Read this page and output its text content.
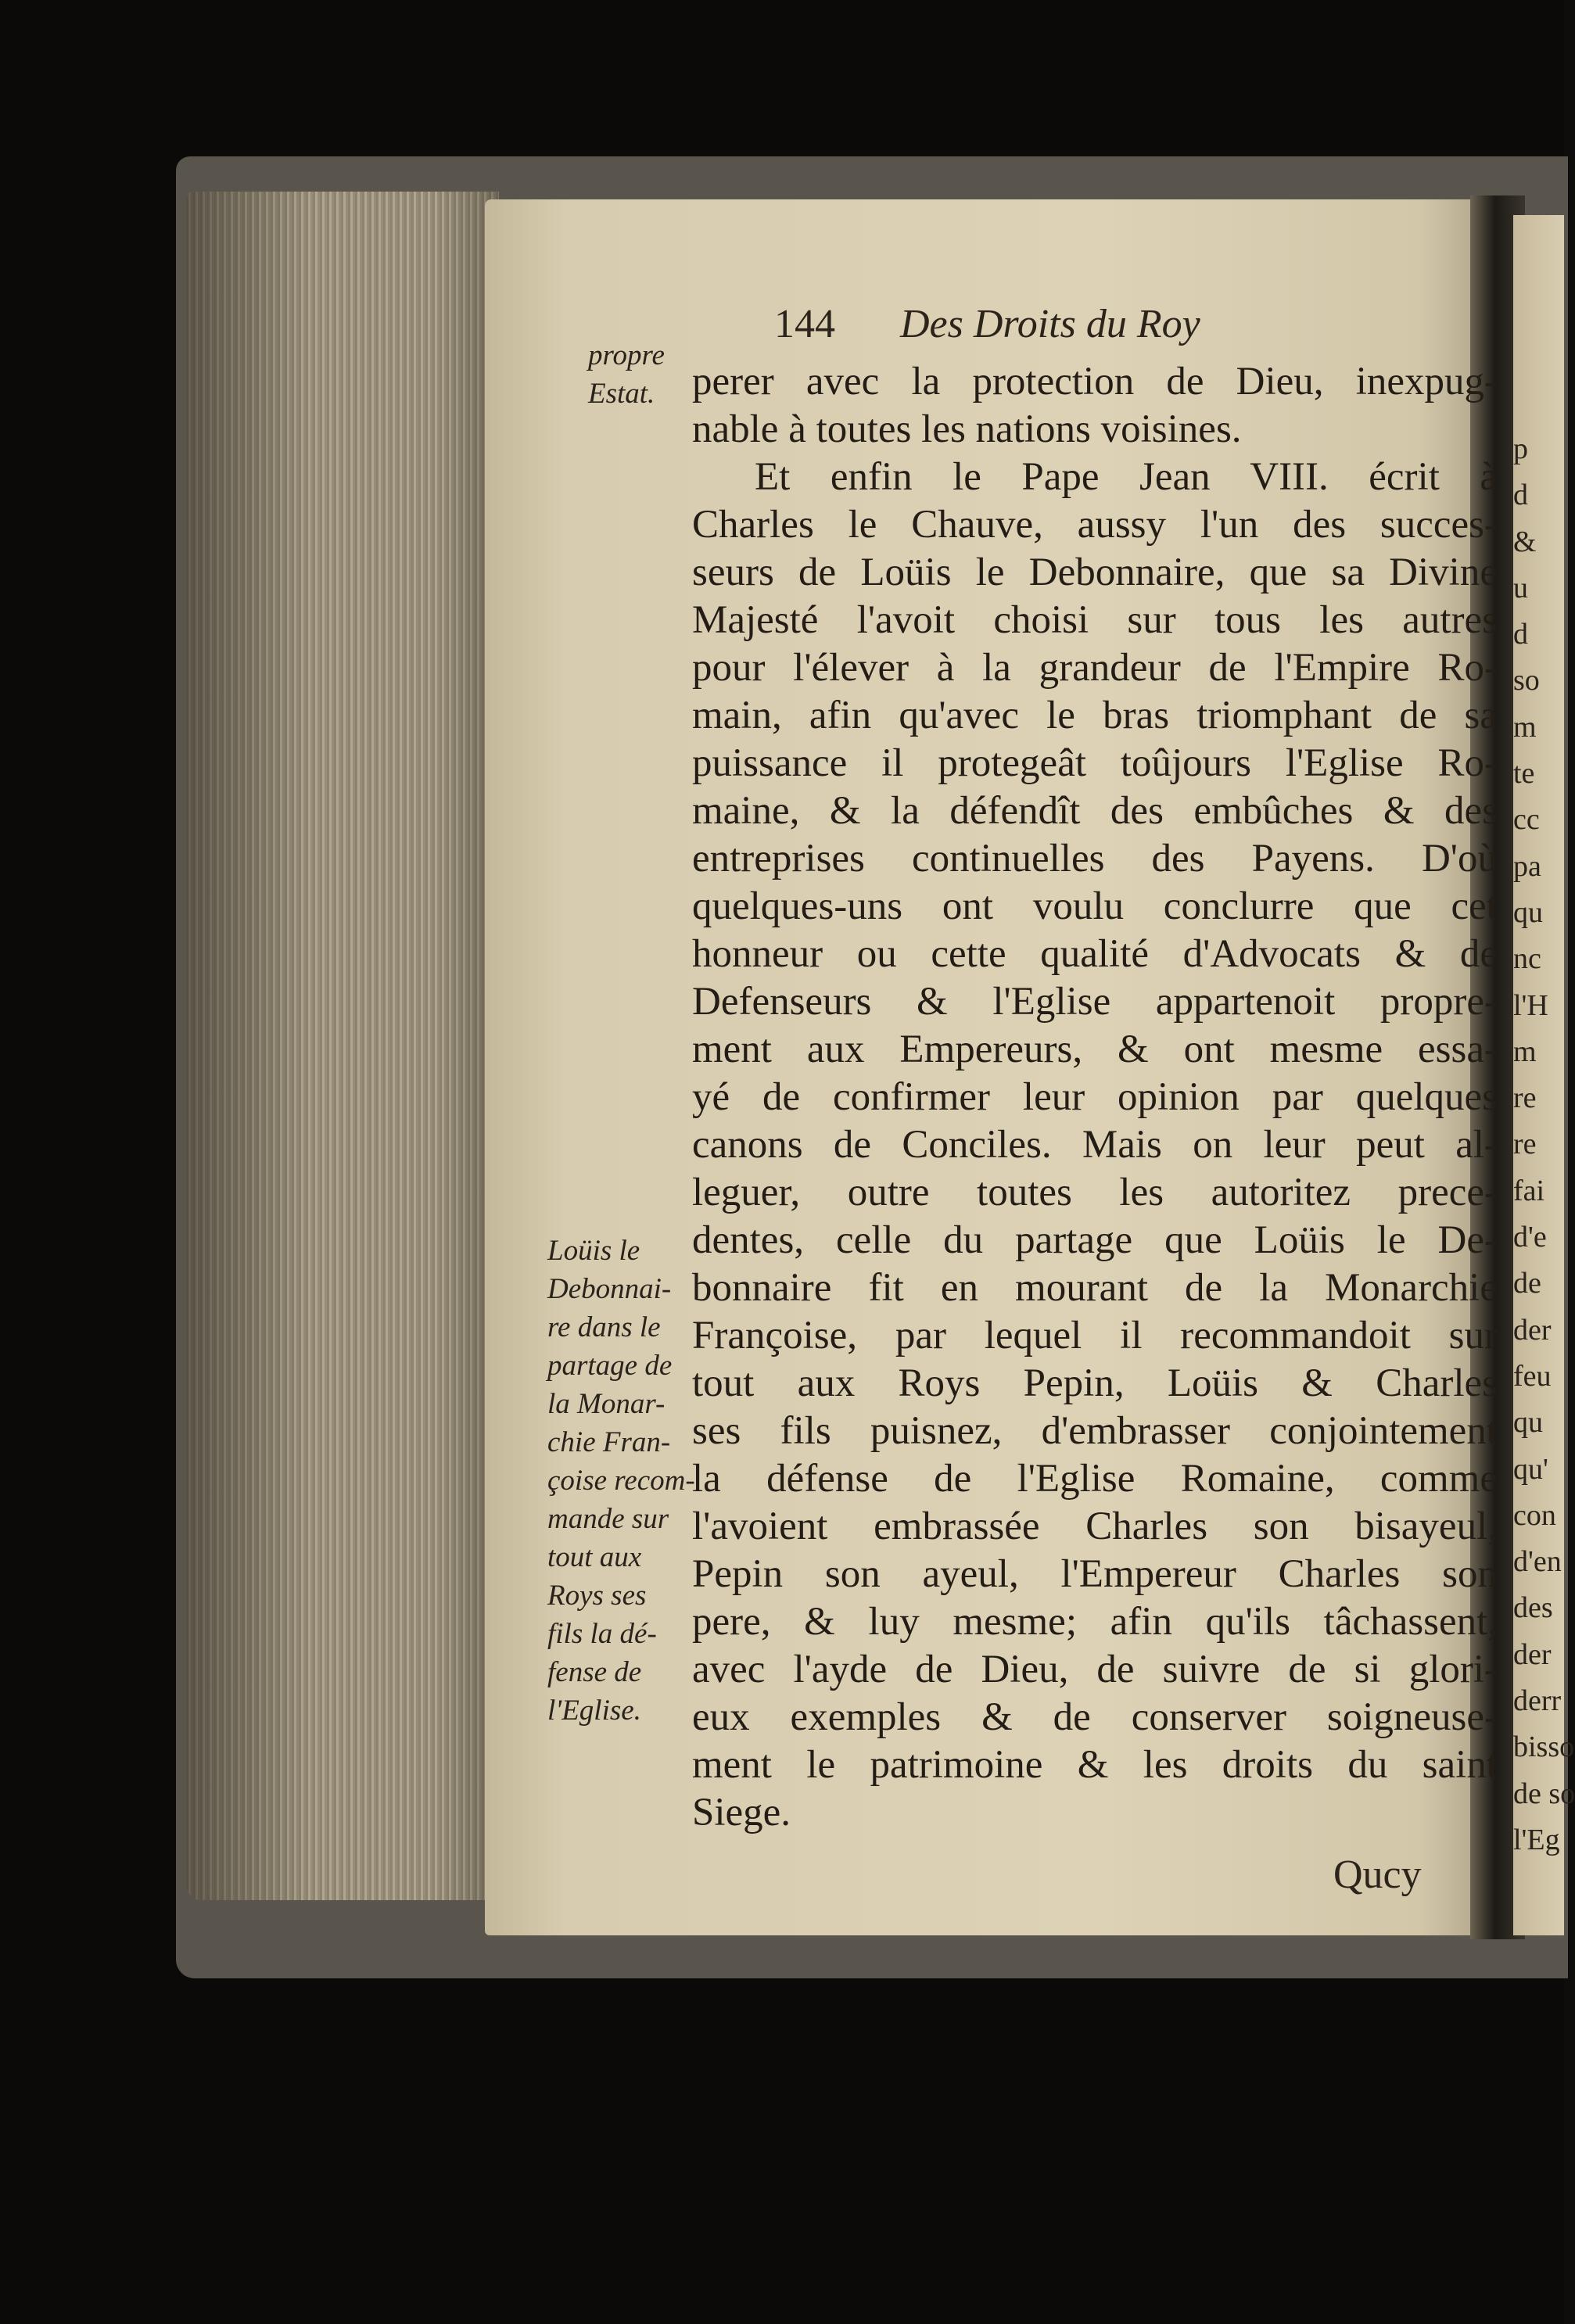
144 Des Droits du Roy

propre
Estat.

Loüis le
Debonnai-
re dans le
partage de
la Monar-
chie Fran-
çoise recom-
mande sur
tout aux
Roys ses
fils la dé-
fense de
l'Eglise.

perer avec la protection de Dieu, inexpug-
nable à toutes les nations voisines.
Et enfin le Pape Jean VIII. écrit à
Charles le Chauve, aussy l'un des succes-
seurs de Loüis le Debonnaire, que sa Divine
Majesté l'avoit choisi sur tous les autres
pour l'élever à la grandeur de l'Empire Ro-
main, afin qu'avec le bras triomphant de sa
puissance il protegeât toûjours l'Eglise Ro-
maine, & la défendît des embûches & des
entreprises continuelles des Payens. D'où
quelques-uns ont voulu conclurre que cet
honneur ou cette qualité d'Advocats & de
Defenseurs & l'Eglise appartenoit propre-
ment aux Empereurs, & ont mesme essa-
yé de confirmer leur opinion par quelques
canons de Conciles. Mais on leur peut al-
leguer, outre toutes les autoritez prece-
dentes, celle du partage que Loüis le De-
bonnaire fit en mourant de la Monarchie
Françoise, par lequel il recommandoit sur
tout aux Roys Pepin, Loüis & Charles
ses fils puisnez, d'embrasser conjointement
la défense de l'Eglise Romaine, comme
l'avoient embrassée Charles son bisayeul,
Pepin son ayeul, l'Empereur Charles son
pere, & luy mesme; afin qu'ils tâchassent,
avec l'ayde de Dieu, de suivre de si glori-
eux exemples & de conserver soigneuse-
ment le patrimoine & les droits du saint
Siege.

Qucy

p
d
&
u
d
so
m
te
cc
pa
qu
nc
l'H
m
re
re
fai
d'e
de
der
feu
qu
qu'
con
d'en
des
der
derr
bisso
de so
l'Eg
